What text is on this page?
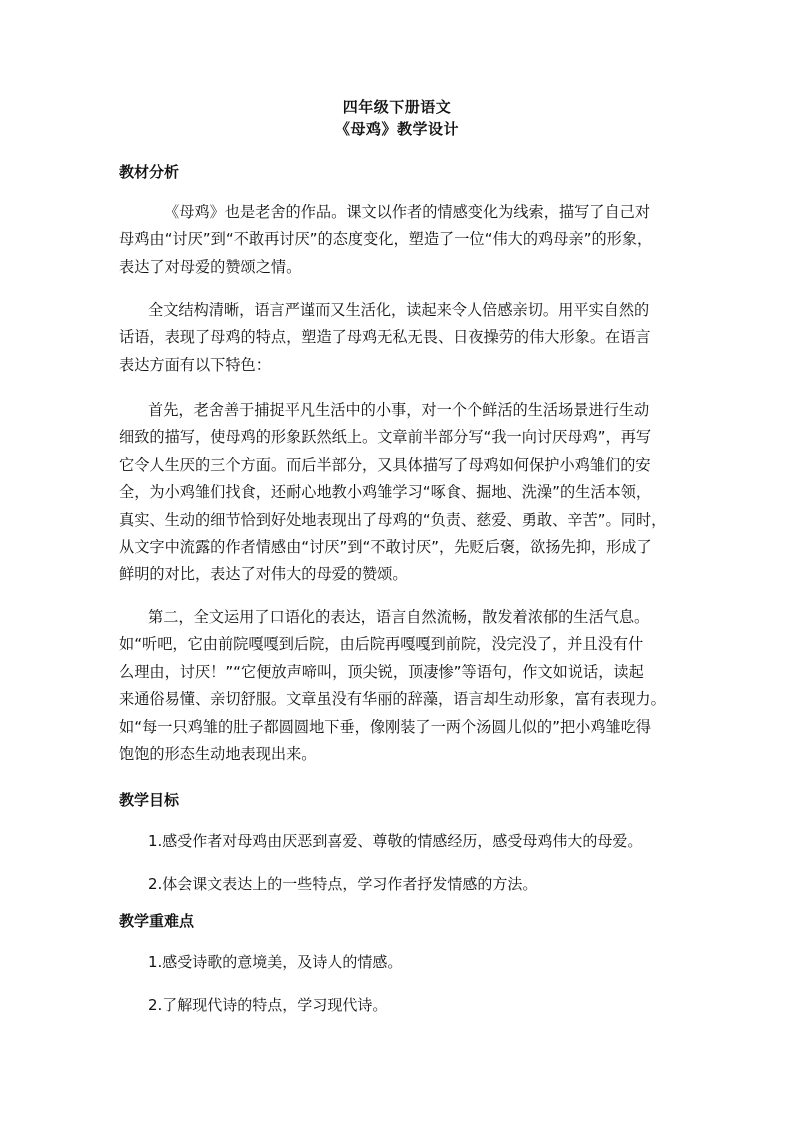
四年级下册语文
《母鸡》教学设计
教材分析
《母鸡》也是老舍的作品。课文以作者的情感变化为线索，描写了自己对
母鸡由“讨厌”到“不敢再讨厌”的态度变化，塑造了一位“伟大的鸡母亲”的形象，
表达了对母爱的赞颂之情。
全文结构清晰，语言严谨而又生活化，读起来令人倍感亲切。用平实自然的
话语，表现了母鸡的特点，塑造了母鸡无私无畏、日夜操劳的伟大形象。在语言
表达方面有以下特色：
首先，老舍善于捕捉平凡生活中的小事，对一个个鲜活的生活场景进行生动
细致的描写，使母鸡的形象跃然纸上。文章前半部分写“我一向讨厌母鸡”，再写
它令人生厌的三个方面。而后半部分，又具体描写了母鸡如何保护小鸡雏们的安
全，为小鸡雏们找食，还耐心地教小鸡雏学习“啄食、掘地、洗澡”的生活本领，
真实、生动的细节恰到好处地表现出了母鸡的“负责、慈爱、勇敢、辛苦”。同时，
从文字中流露的作者情感由“讨厌”到“不敢讨厌”，先贬后褒，欲扬先抑，形成了
鲜明的对比，表达了对伟大的母爱的赞颂。
第二，全文运用了口语化的表达，语言自然流畅，散发着浓郁的生活气息。
如“听吧，它由前院嘎嘎到后院，由后院再嘎嘎到前院，没完没了，并且没有什
么理由，讨厌！”“它便放声啼叫，顶尖锐，顶凄惨”等语句，作文如说话，读起
来通俗易懂、亲切舒服。文章虽没有华丽的辞藻，语言却生动形象，富有表现力。
如“每一只鸡雏的肚子都圆圆地下垂，像刚装了一两个汤圆儿似的”把小鸡雏吃得
饱饱的形态生动地表现出来。
教学目标
1.感受作者对母鸡由厌恶到喜爱、尊敬的情感经历，感受母鸡伟大的母爱。
2.体会课文表达上的一些特点，学习作者抒发情感的方法。
教学重难点
1.感受诗歌的意境美，及诗人的情感。
2.了解现代诗的特点，学习现代诗。
